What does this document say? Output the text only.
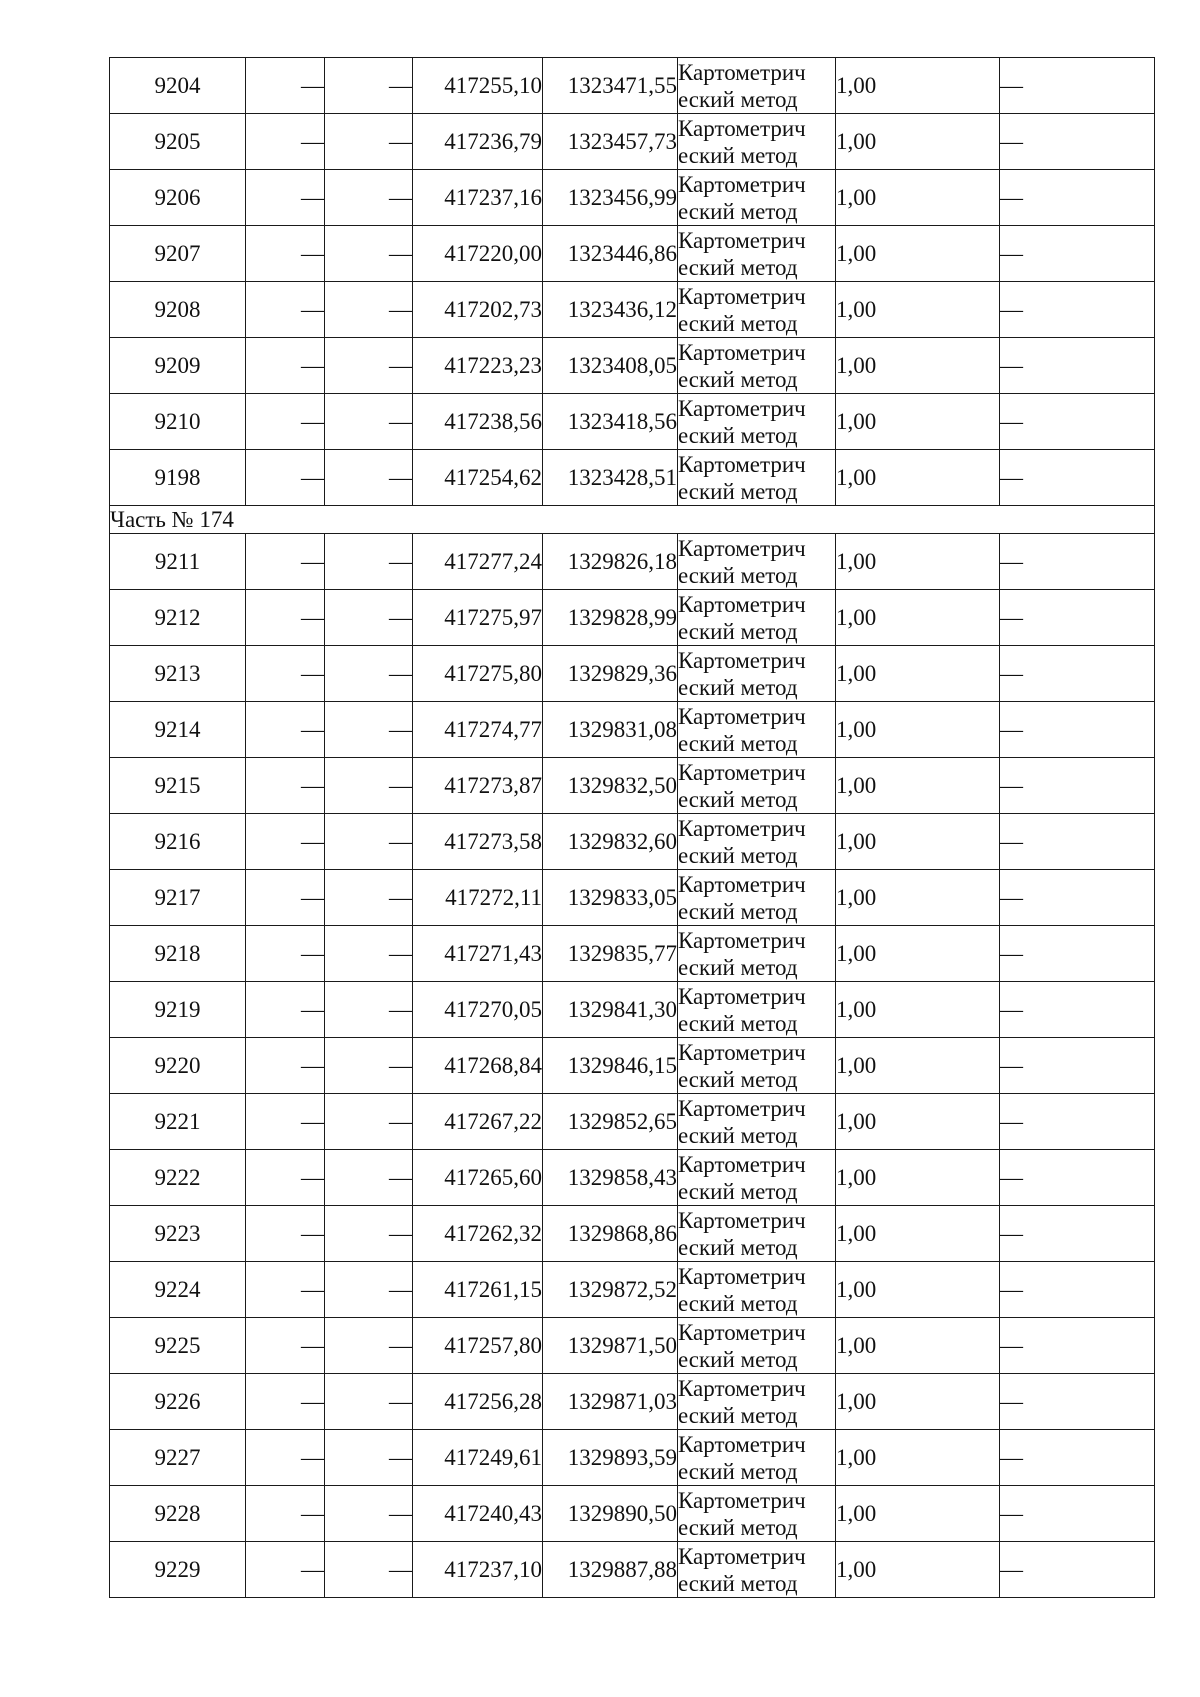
9204	—	—	417255,10	1323471,55	Картометрич еский метод	1,00	—
9205	—	—	417236,79	1323457,73	Картометрич еский метод	1,00	—
9206	—	—	417237,16	1323456,99	Картометрич еский метод	1,00	—
9207	—	—	417220,00	1323446,86	Картометрич еский метод	1,00	—
9208	—	—	417202,73	1323436,12	Картометрич еский метод	1,00	—
9209	—	—	417223,23	1323408,05	Картометрич еский метод	1,00	—
9210	—	—	417238,56	1323418,56	Картометрич еский метод	1,00	—
9198	—	—	417254,62	1323428,51	Картометрич еский метод	1,00	—
Часть № 174							
9211	—	—	417277,24	1329826,18	Картометрич еский метод	1,00	—
9212	—	—	417275,97	1329828,99	Картометрич еский метод	1,00	—
9213	—	—	417275,80	1329829,36	Картометрич еский метод	1,00	—
9214	—	—	417274,77	1329831,08	Картометрич еский метод	1,00	—
9215	—	—	417273,87	1329832,50	Картометрич еский метод	1,00	—
9216	—	—	417273,58	1329832,60	Картометрич еский метод	1,00	—
9217	—	—	417272,11	1329833,05	Картометрич еский метод	1,00	—
9218	—	—	417271,43	1329835,77	Картометрич еский метод	1,00	—
9219	—	—	417270,05	1329841,30	Картометрич еский метод	1,00	—
9220	—	—	417268,84	1329846,15	Картометрич еский метод	1,00	—
9221	—	—	417267,22	1329852,65	Картометрич еский метод	1,00	—
9222	—	—	417265,60	1329858,43	Картометрич еский метод	1,00	—
9223	—	—	417262,32	1329868,86	Картометрич еский метод	1,00	—
9224	—	—	417261,15	1329872,52	Картометрич еский метод	1,00	—
9225	—	—	417257,80	1329871,50	Картометрич еский метод	1,00	—
9226	—	—	417256,28	1329871,03	Картометрич еский метод	1,00	—
9227	—	—	417249,61	1329893,59	Картометрич еский метод	1,00	—
9228	—	—	417240,43	1329890,50	Картометрич еский метод	1,00	—
9229	—	—	417237,10	1329887,88	Картометрич еский метод	1,00	—
